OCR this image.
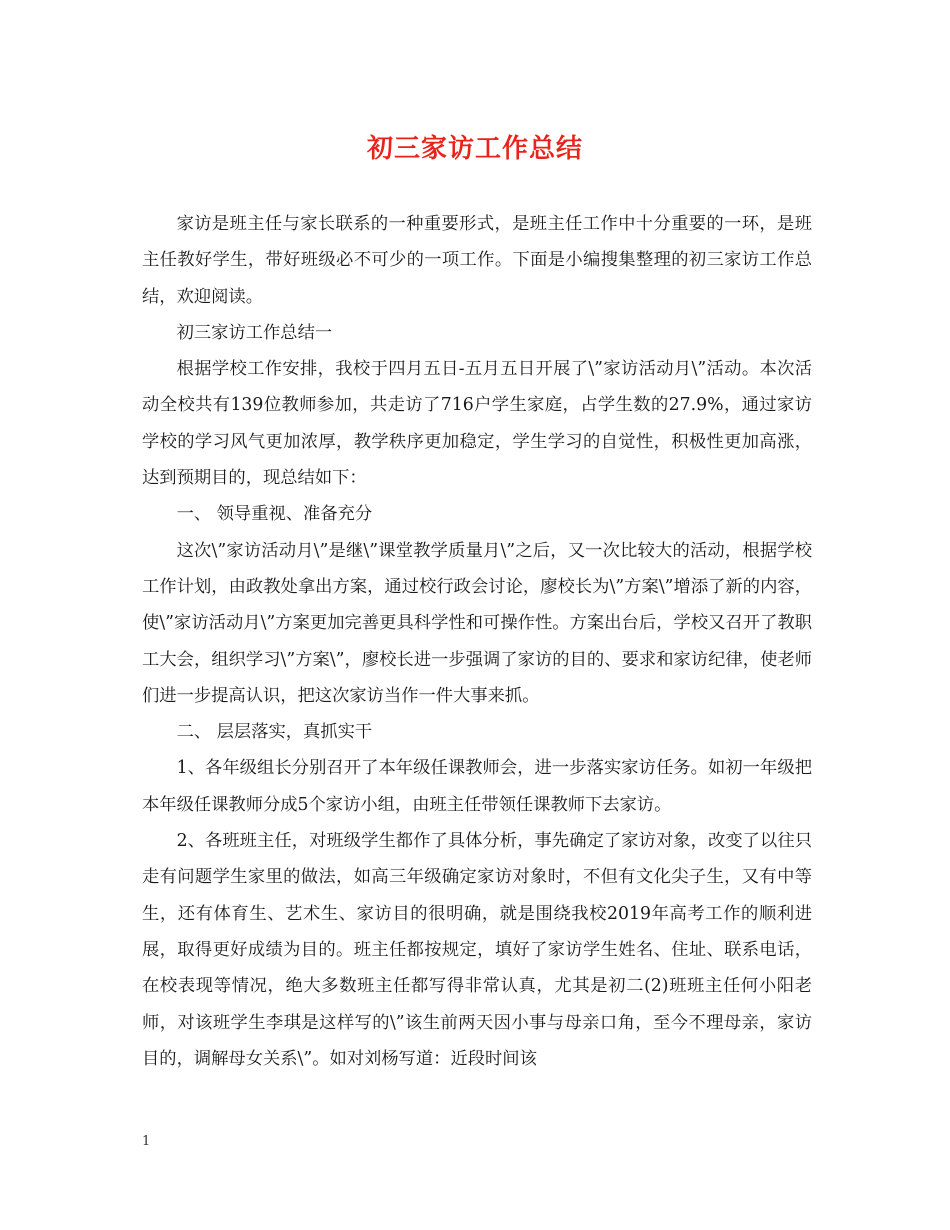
初三家访工作总结

家访是班主任与家长联系的一种重要形式，是班主任工作中十分重要的一环，是班主任教好学生，带好班级必不可少的一项工作。下面是小编搜集整理的初三家访工作总结，欢迎阅读。

初三家访工作总结一

根据学校工作安排，我校于四月五日-五月五日开展了\”家访活动月\”活动。本次活动全校共有139位教师参加，共走访了716户学生家庭，占学生数的27.9%，通过家访学校的学习风气更加浓厚，教学秩序更加稳定，学生学习的自觉性，积极性更加高涨，达到预期目的，现总结如下：

一、 领导重视、准备充分

这次\”家访活动月\”是继\”课堂教学质量月\”之后，又一次比较大的活动，根据学校工作计划，由政教处拿出方案，通过校行政会讨论，廖校长为\”方案\”增添了新的内容，使\”家访活动月\”方案更加完善更具科学性和可操作性。方案出台后，学校又召开了教职工大会，组织学习\”方案\”，廖校长进一步强调了家访的目的、要求和家访纪律，使老师们进一步提高认识，把这次家访当作一件大事来抓。

二、 层层落实，真抓实干

1、各年级组长分别召开了本年级任课教师会，进一步落实家访任务。如初一年级把本年级任课教师分成5个家访小组，由班主任带领任课教师下去家访。

2、各班班主任，对班级学生都作了具体分析，事先确定了家访对象，改变了以往只走有问题学生家里的做法，如高三年级确定家访对象时，不但有文化尖子生，又有中等生，还有体育生、艺术生、家访目的很明确，就是围绕我校2019年高考工作的顺利进展，取得更好成绩为目的。班主任都按规定，填好了家访学生姓名、住址、联系电话，在校表现等情况，绝大多数班主任都写得非常认真，尤其是初二(2)班班主任何小阳老师，对该班学生李琪是这样写的\”该生前两天因小事与母亲口角，至今不理母亲，家访目的，调解母女关系\”。如对刘杨写道：近段时间该

1
